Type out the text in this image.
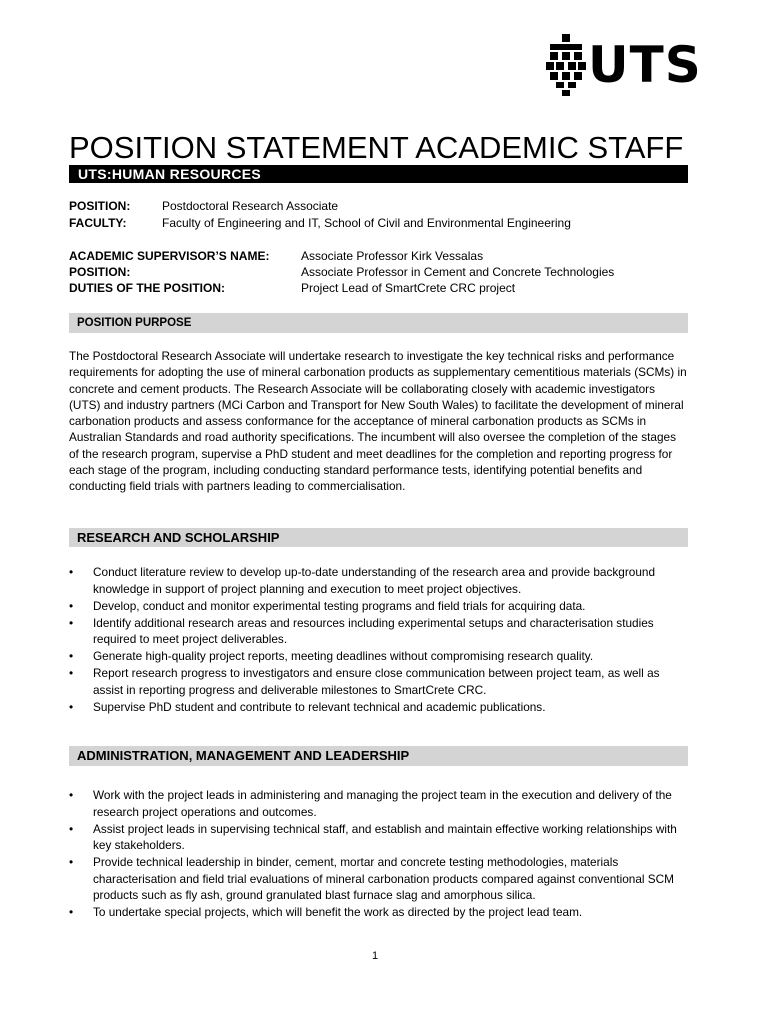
UTS
POSITION STATEMENT ACADEMIC STAFF
UTS:HUMAN RESOURCES
POSITION:	Postdoctoral Research Associate
FACULTY:	Faculty of Engineering and IT, School of Civil and Environmental Engineering
ACADEMIC SUPERVISOR’S NAME:	Associate Professor Kirk Vessalas
POSITION:	Associate Professor in Cement and Concrete Technologies
DUTIES OF THE POSITION:	Project Lead of SmartCrete CRC project
POSITION PURPOSE
The Postdoctoral Research Associate will undertake research to investigate the key technical risks and performance requirements for adopting the use of mineral carbonation products as supplementary cementitious materials (SCMs) in concrete and cement products. The Research Associate will be collaborating closely with academic investigators (UTS) and industry partners (MCi Carbon and Transport for New South Wales) to facilitate the development of mineral carbonation products and assess conformance for the acceptance of mineral carbonation products as SCMs in Australian Standards and road authority specifications. The incumbent will also oversee the completion of the stages of the research program, supervise a PhD student and meet deadlines for the completion and reporting progress for each stage of the program, including conducting standard performance tests, identifying potential benefits and conducting field trials with partners leading to commercialisation.
RESEARCH AND SCHOLARSHIP
• Conduct literature review to develop up-to-date understanding of the research area and provide background knowledge in support of project planning and execution to meet project objectives.
• Develop, conduct and monitor experimental testing programs and field trials for acquiring data.
• Identify additional research areas and resources including experimental setups and characterisation studies required to meet project deliverables.
• Generate high-quality project reports, meeting deadlines without compromising research quality.
• Report research progress to investigators and ensure close communication between project team, as well as assist in reporting progress and deliverable milestones to SmartCrete CRC.
• Supervise PhD student and contribute to relevant technical and academic publications.
ADMINISTRATION, MANAGEMENT AND LEADERSHIP
• Work with the project leads in administering and managing the project team in the execution and delivery of the research project operations and outcomes.
• Assist project leads in supervising technical staff, and establish and maintain effective working relationships with key stakeholders.
• Provide technical leadership in binder, cement, mortar and concrete testing methodologies, materials characterisation and field trial evaluations of mineral carbonation products compared against conventional SCM products such as fly ash, ground granulated blast furnace slag and amorphous silica.
• To undertake special projects, which will benefit the work as directed by the project lead team.
1
